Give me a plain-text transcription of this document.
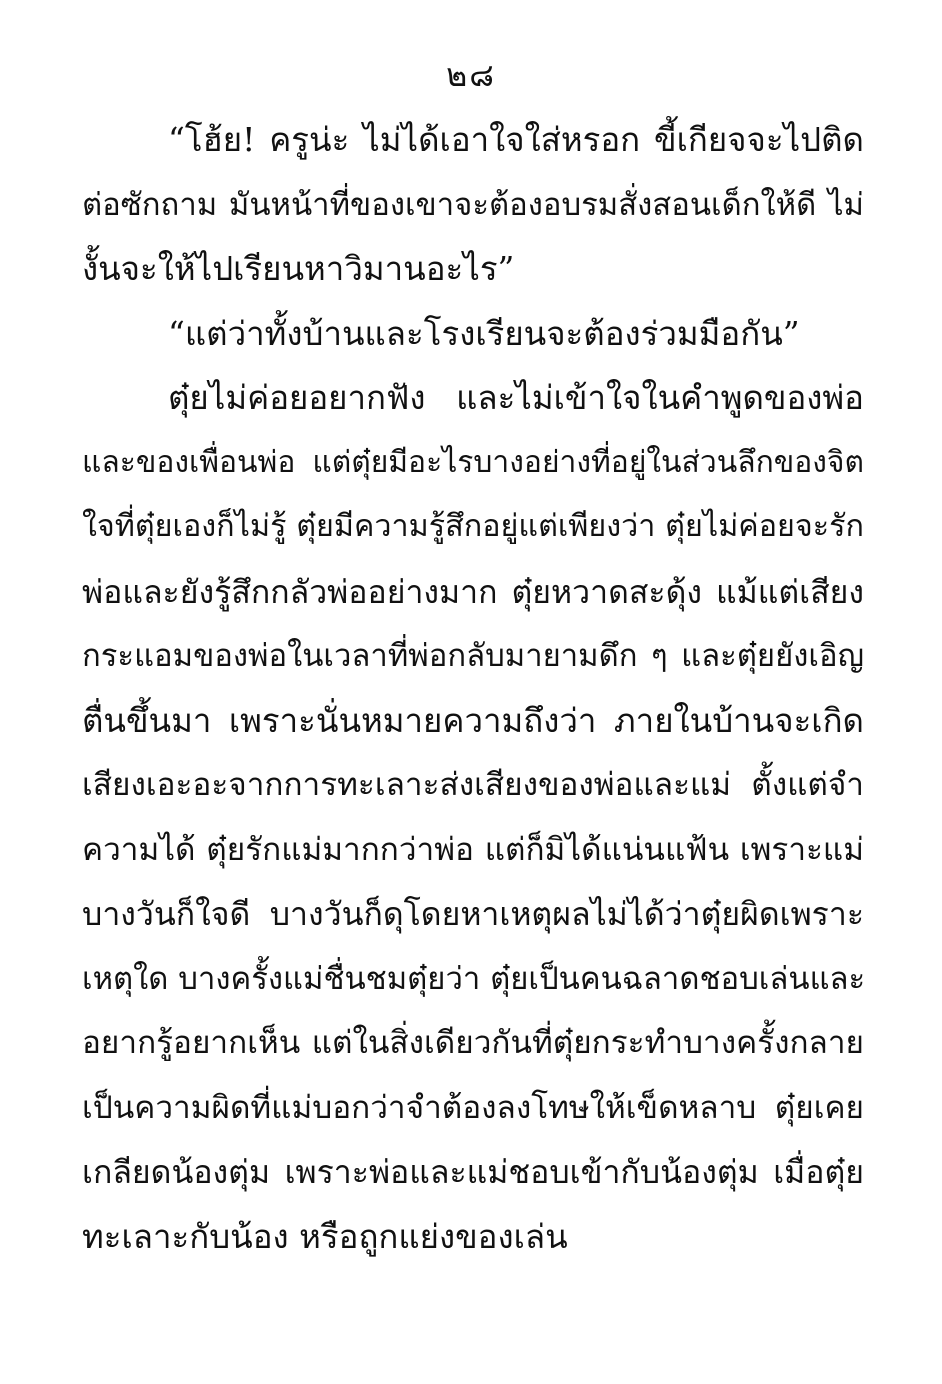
๒๘
“โฮ้ย! ครูน่ะ ไม่ได้เอาใจใส่หรอก ขี้เกียจจะไปติด
ต่อซักถาม มันหน้าที่ของเขาจะต้องอบรมสั่งสอนเด็กให้ดี ไม่
งั้นจะให้ไปเรียนหาวิมานอะไร”
“แต่ว่าทั้งบ้านและโรงเรียนจะต้องร่วมมือกัน”
ตุ๋ยไม่ค่อยอยากฟัง และไม่เข้าใจในคำพูดของพ่อ
และของเพื่อนพ่อ แต่ตุ๋ยมีอะไรบางอย่างที่อยู่ในส่วนลึกของจิต
ใจที่ตุ๋ยเองก็ไม่รู้ ตุ๋ยมีความรู้สึกอยู่แต่เพียงว่า ตุ๋ยไม่ค่อยจะรัก
พ่อและยังรู้สึกกลัวพ่ออย่างมาก ตุ๋ยหวาดสะดุ้ง แม้แต่เสียง
กระแอมของพ่อในเวลาที่พ่อกลับมายามดึก ๆ และตุ๋ยยังเอิญ
ตื่นขึ้นมา เพราะนั่นหมายความถึงว่า ภายในบ้านจะเกิด
เสียงเอะอะจากการทะเลาะส่งเสียงของพ่อและแม่ ตั้งแต่จำ
ความได้ ตุ๋ยรักแม่มากกว่าพ่อ แต่ก็มิได้แน่นแฟ้น เพราะแม่
บางวันก็ใจดี บางวันก็ดุโดยหาเหตุผลไม่ได้ว่าตุ๋ยผิดเพราะ
เหตุใด บางครั้งแม่ชื่นชมตุ๋ยว่า ตุ๋ยเป็นคนฉลาดชอบเล่นและ
อยากรู้อยากเห็น แต่ในสิ่งเดียวกันที่ตุ๋ยกระทำบางครั้งกลาย
เป็นความผิดที่แม่บอกว่าจำต้องลงโทษให้เข็ดหลาบ ตุ๋ยเคย
เกลียดน้องตุ่ม เพราะพ่อและแม่ชอบเข้ากับน้องตุ่ม เมื่อตุ๋ย
ทะเลาะกับน้อง หรือถูกแย่งของเล่น
